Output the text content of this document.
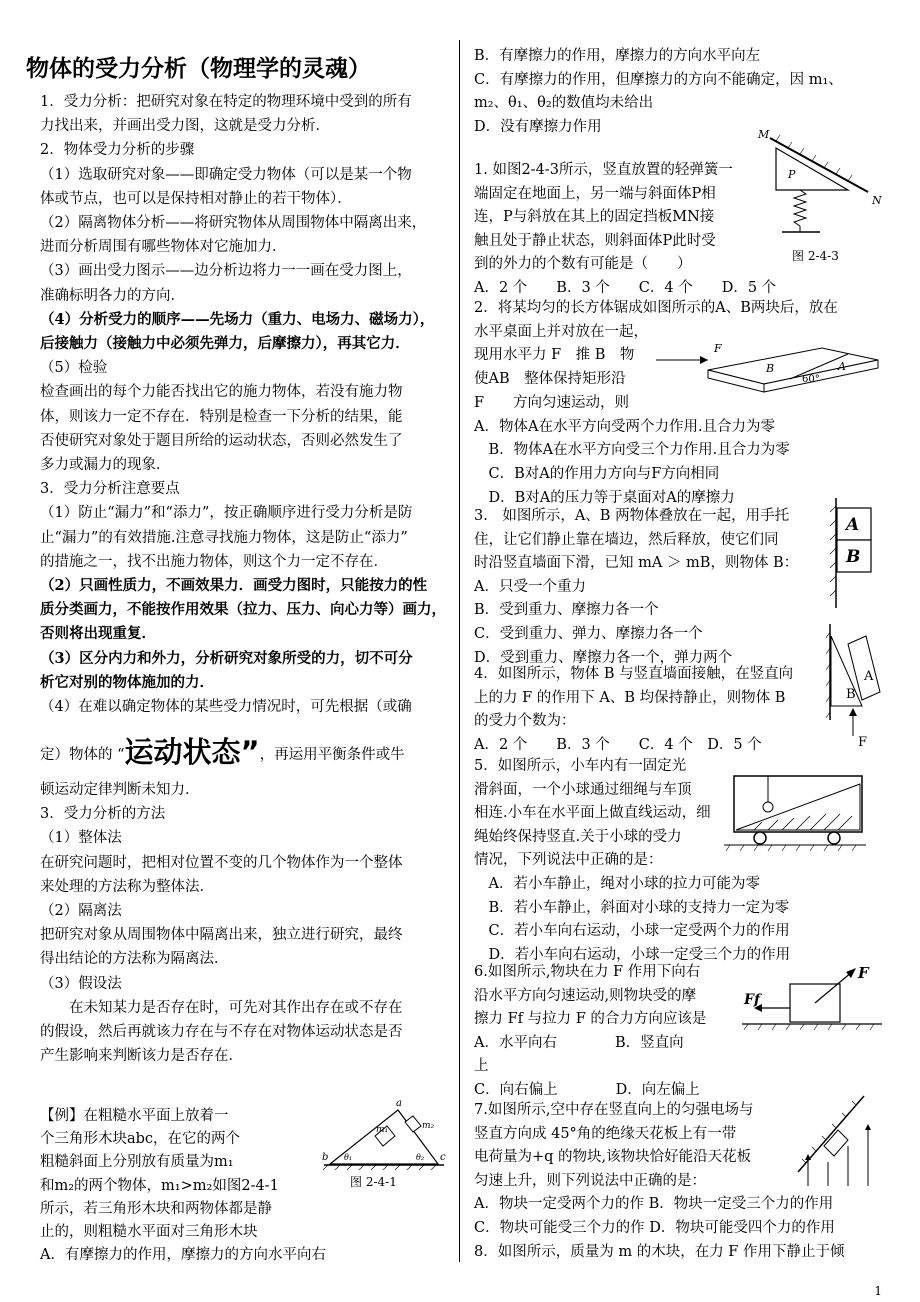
物体的受力分析（物理学的灵魂）
1．受力分析：把研究对象在特定的物理环境中受到的所有
力找出来，并画出受力图，这就是受力分析．
2．物体受力分析的步骤
（1）选取研究对象——即确定受力物体（可以是某一个物
体或节点，也可以是保持相对静止的若干物体）．
（2）隔离物体分析——将研究物体从周围物体中隔离出来，
进而分析周围有哪些物体对它施加力．
（3）画出受力图示——边分析边将力一一画在受力图上，
准确标明各力的方向．
（4）分析受力的顺序——先场力（重力、电场力、磁场力），
后接触力（接触力中必须先弹力，后摩擦力），再其它力．
（5）检验
检查画出的每个力能否找出它的施力物体，若没有施力物
体，则该力一定不存在．特别是检查一下分析的结果，能
否使研究对象处于题目所给的运动状态，否则必然发生了
多力或漏力的现象．
3．受力分析注意要点
（1）防止“漏力”和“添力”，按正确顺序进行受力分析是防
止“漏力”的有效措施.注意寻找施力物体，这是防止“添力”
的措施之一，找不出施力物体，则这个力一定不存在．
（2）只画性质力，不画效果力．画受力图时，只能按力的性
质分类画力，不能按作用效果（拉力、压力、向心力等）画力，
否则将出现重复．
（3）区分内力和外力，分析研究对象所受的力，切不可分
析它对别的物体施加的力．
（4）在难以确定物体的某些受力情况时，可先根据（或确
定）物体的 “运动状态”，再运用平衡条件或牛
顿运动定律判断未知力．
3．受力分析的方法
（1）整体法
在研究问题时，把相对位置不变的几个物体作为一个整体
来处理的方法称为整体法．
（2）隔离法
把研究对象从周围物体中隔离出来，独立进行研究，最终
得出结论的方法称为隔离法．
（3）假设法
　　在未知某力是否存在时，可先对其作出存在或不存在
的假设，然后再就该力存在与不存在对物体运动状态是否
产生影响来判断该力是否存在．
【例】在粗糙水平面上放着一
个三角形木块abc，在它的两个
粗糙斜面上分别放有质量为m₁
和m₂的两个物体，m₁>m₂如图2-4-1
所示，若三角形木块和两物体都是静
止的，则粗糙水平面对三角形木块
A．有摩擦力的作用，摩擦力的方向水平向右
m₁	m₂
a
b	c
θ₁	θ₂
图 2-4-1
B．有摩擦力的作用，摩擦力的方向水平向左
C．有摩擦力的作用，但摩擦力的方向不能确定，因 m₁、
m₂、θ₁、θ₂的数值均未给出
D．没有摩擦力作用
1. 如图2-4-3所示，竖直放置的轻弹簧一
端固定在地面上，另一端与斜面体P相
连，P与斜放在其上的固定挡板MN接
触且处于静止状态，则斜面体P此时受
到的外力的个数有可能是（　　）
A．2 个　　B．3 个　　C．4 个　　D．5 个
2．将某均匀的长方体锯成如图所示的A、B两块后，放在
水平桌面上并对放在一起，
现用水平力 F　推 B　物
使AB　整体保持矩形沿
F　　方向匀速运动，则
A．物体A在水平方向受两个力作用.且合力为零
　B．物体A在水平方向受三个力作用.且合力为零
　C．B对A的作用力方向与F方向相同
　D．B对A的压力等于桌面对A的摩擦力
3.　如图所示，A、B 两物体叠放在一起，用手托
住，让它们静止靠在墙边，然后释放，使它们同
时沿竖直墙面下滑，已知 mA ＞ mB，则物体 B：
A．只受一个重力
B．受到重力、摩擦力各一个
C．受到重力、弹力、摩擦力各一个
D．受到重力、摩擦力各一个，弹力两个
4．如图所示，物体 B 与竖直墙面接触，在竖直向
上的力 F 的作用下 A、B 均保持静止，则物体 B
的受力个数为：
A．2 个　　B．3 个　　C．4 个　D．5 个
5．如图所示，小车内有一固定光
滑斜面，一个小球通过细绳与车顶
相连.小车在水平面上做直线运动，细
绳始终保持竖直.关于小球的受力
情况，下列说法中正确的是：
　A．若小车静止，绳对小球的拉力可能为零
　B．若小车静止，斜面对小球的支持力一定为零
　C．若小车向右运动，小球一定受两个力的作用
　D．若小车向右运动，小球一定受三个力的作用
6.如图所示,物块在力 F 作用下向右
沿水平方向匀速运动,则物块受的摩
擦力 Ff 与拉力 F 的合力方向应该是
A．水平向右　　　　B．竖直向
上
C．向右偏上　　　　D．向左偏上
7.如图所示,空中存在竖直向上的匀强电场与
竖直方向成 45°角的绝缘天花板上有一带
电荷量为+q 的物块,该物块恰好能沿天花板
匀速上升，则下列说法中正确的是：
A．物块一定受两个力的作 B．物块一定受三个力的作用
C．物块可能受三个力的作 D．物块可能受四个力的作用
8．如图所示，质量为 m 的木块，在力 F 作用下静止于倾
M
N
P
图 2-4-3
F
B	A
60°
A
B
A
B
F
F
Ff
1
